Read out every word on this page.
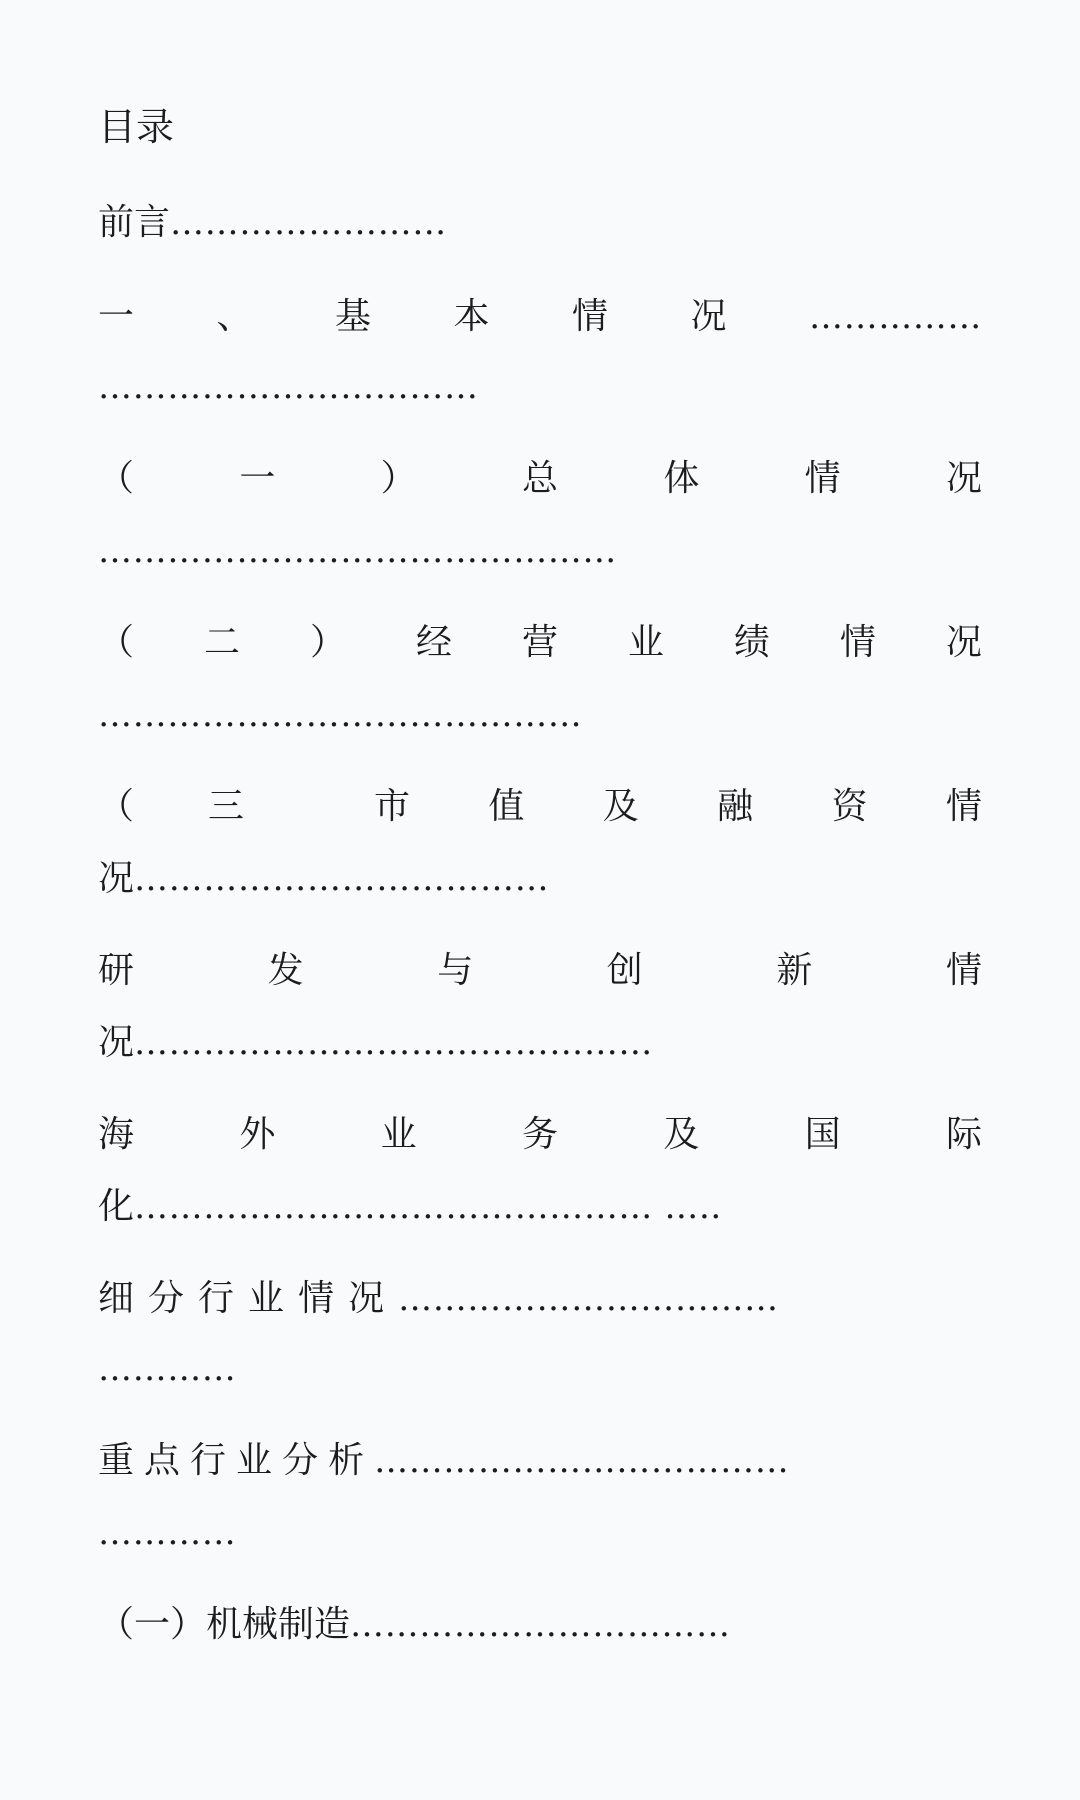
目录
前言 ……………………
一 、 基 本 情 况 ……………
……………………………
（	一	）	总	体	情	况
………………………………………
（ 二 ） 经 营 业 绩 情 况
……………………………………
（	三	市 值 及 融 资 情
况 ………………………………
研	发	与	创	新	情
况 ………………………………………
海	外	业	务	及	国	际
化 ……………………………………… …..
细 分 行 业 情 况 ……………………………
…………
重 点 行 业 分 析 ………………………………
…………
（一）机械制造 ……………………………
